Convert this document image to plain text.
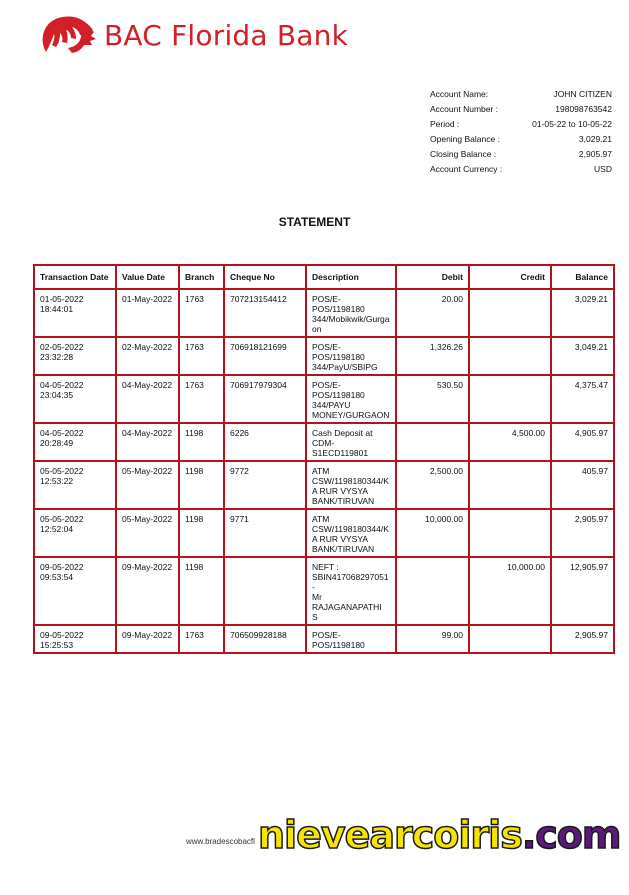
BAC Florida Bank
Account Name:	JOHN CITIZEN
Account Number :	198098763542
Period :	01-05-22 to 10-05-22
Opening Balance :	3,029.21
Closing Balance :	2,905.97
Account Currency :	USD
STATEMENT
Transaction Date	Value Date	Branch	Cheque No	Description	Debit	Credit	Balance
01-05-2022
18:44:01	01-May-2022	1763	707213154412	POS/E-
POS/1198180
344/Mobikwik/Gurga
on	20.00		3,029.21
02-05-2022
23:32:28	02-May-2022	1763	706918121699	POS/E-
POS/1198180
344/PayU/SBIPG	1,326.26		3,049.21
04-05-2022
23:04:35	04-May-2022	1763	706917979304	POS/E-
POS/1198180
344/PAYU
MONEY/GURGAON	530.50		4,375.47
04-05-2022
20:28:49	04-May-2022	1198	6226	Cash Deposit at
CDM-
S1ECD119801		4,500.00	4,905.97
05-05-2022
12:53:22	05-May-2022	1198	9772	ATM
CSW/1198180344/K
A RUR VYSYA
BANK/TIRUVAN	2,500.00		405.97
05-05-2022
12:52:04	05-May-2022	1198	9771	ATM
CSW/1198180344/K
A RUR VYSYA
BANK/TIRUVAN	10,000.00		2,905.97
09-05-2022
09:53:54	09-May-2022	1198		NEFT :
SBIN417068297051 -
Mr
RAJAGANAPATHI
S		10,000.00	12,905.97
09-05-2022
15:25:53	09-May-2022	1763	706509928188	POS/E-
POS/1198180	99.00		2,905.97
www.bradescobacfl nievearcoiris.com
